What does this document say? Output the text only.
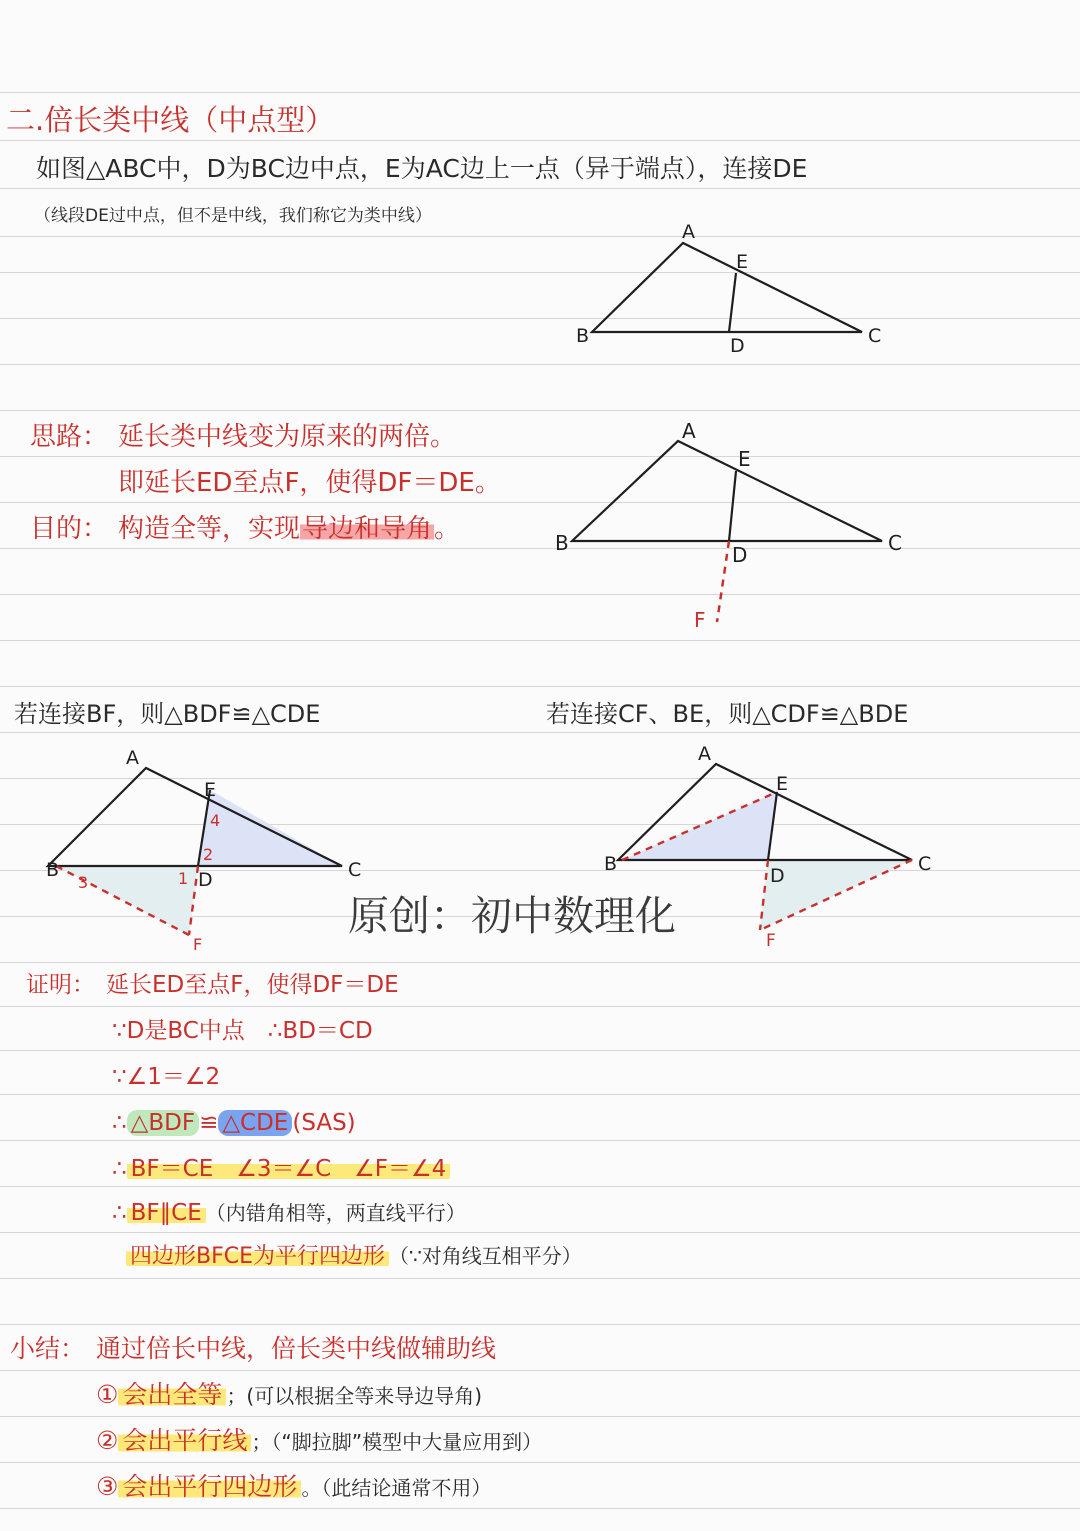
二.倍长类中线（中点型）
如图△ABC中，D为BC边中点，E为AC边上一点（异于端点），连接DE
（线段DE过中点，但不是中线，我们称它为类中线）
A
E
B	D	C
思路： 延长类中线变为原来的两倍。
即延长ED至点F，使得DF＝DE。
目的： 构造全等，实现导边和导角。
A
E
B	D	C
F
若连接BF，则△BDF≌△CDE	若连接CF、BE，则△CDF≌△BDE
A
E
B	D	C
F
4
2
1
3
A
E
B
D
C
F
原创：初中数理化
证明： 延长ED至点F，使得DF＝DE
∵D是BC中点　∴BD＝CD
∵∠1＝∠2
∴ △BDF ≌ △CDE (SAS)
∴ BF＝CE　∠3＝∠C　∠F＝∠4
∴ BF∥CE （内错角相等，两直线平行）
四边形BFCE为平行四边形 （∵对角线互相平分）
小结： 通过倍长中线，倍长类中线做辅助线
① 会出全等 ；(可以根据全等来导边导角)
② 会出平行线 ；（“脚拉脚”模型中大量应用到）
③ 会出平行四边形 。（此结论通常不用）
